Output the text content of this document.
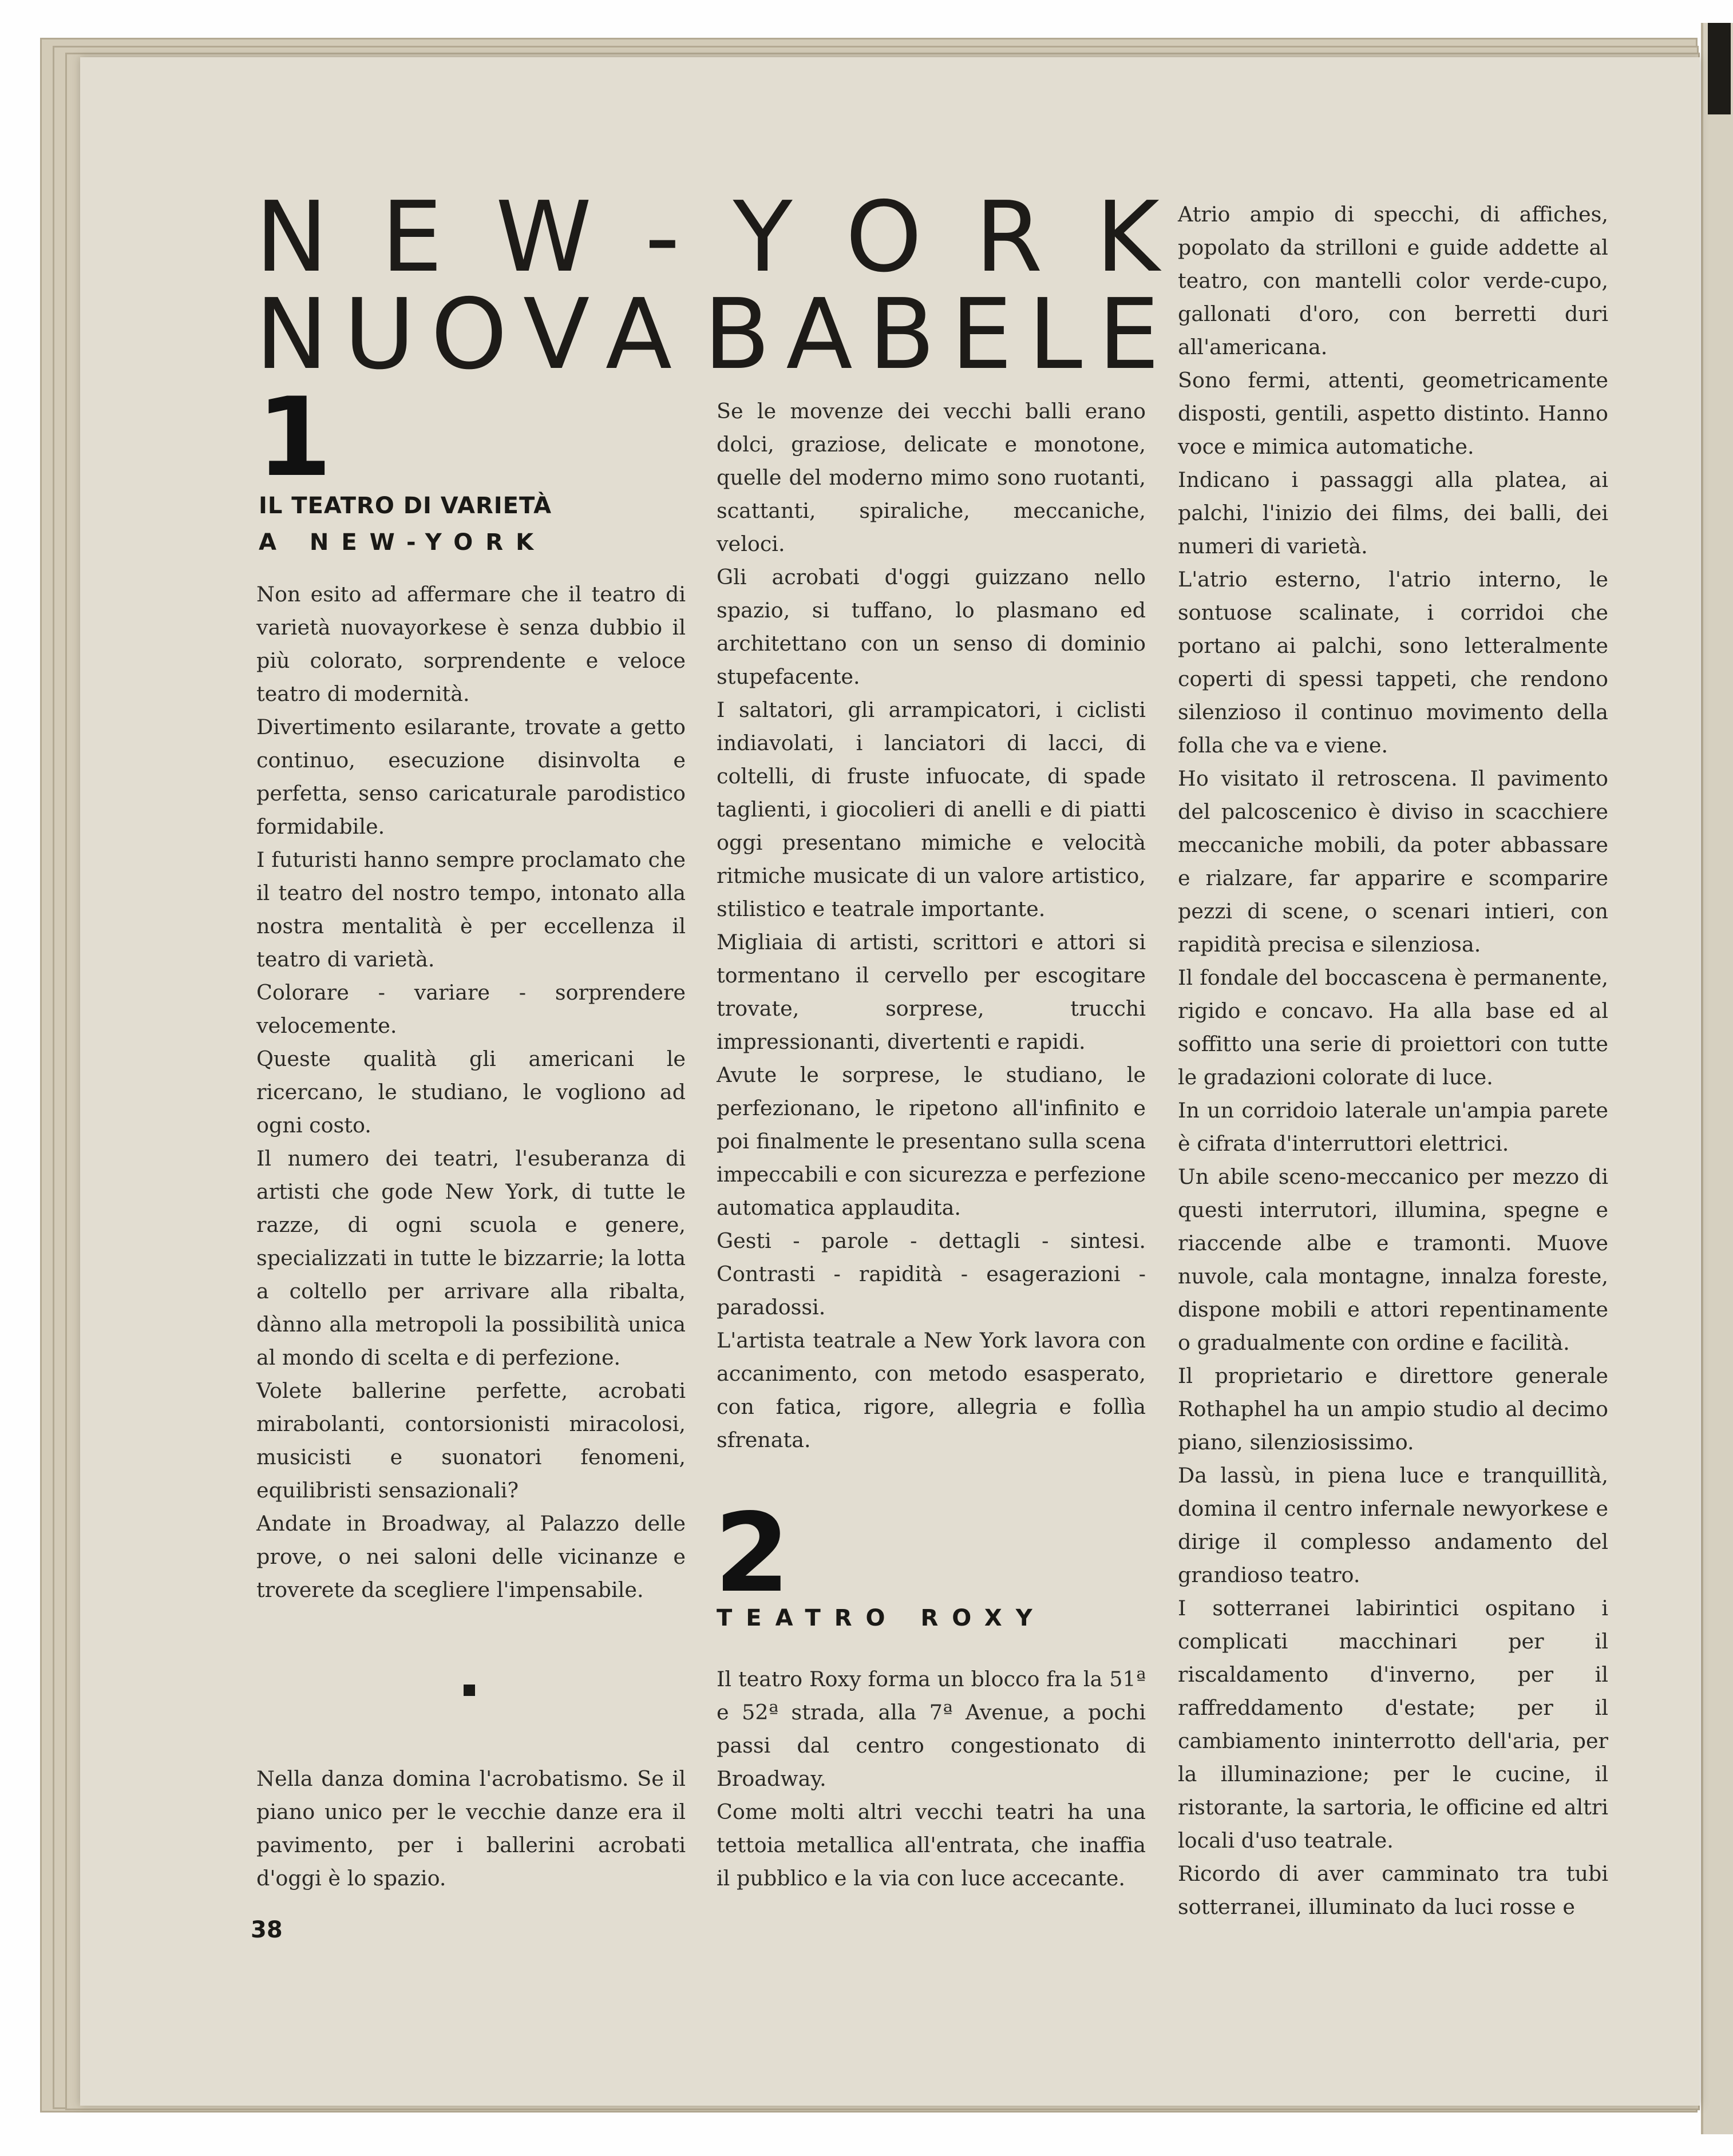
N E W - Y O R K
N U O V A B A B E L E
1
IL TEATRO DI VARIETÀ
A NEW-YORK

Non esito ad affermare che il teatro di varietà nuovayorkese è senza dubbio il più colorato, sorprendente e veloce teatro di modernità.

Divertimento esilarante, trovate a getto continuo, esecuzione disinvolta e perfetta, senso caricaturale parodistico formidabile.

I futuristi hanno sempre proclamato che il teatro del nostro tempo, intonato alla nostra mentalità è per eccellenza il teatro di varietà.

Colorare - variare - sorprendere velocemente.

Queste qualità gli americani le ricercano, le studiano, le vogliono ad ogni costo.

Il numero dei teatri, l'esuberanza di artisti che gode New York, di tutte le razze, di ogni scuola e genere, specializzati in tutte le bizzarrie; la lotta a coltello per arrivare alla ribalta, dànno alla metropoli la possibilità unica al mondo di scelta e di perfezione.

Volete ballerine perfette, acrobati mirabolanti, contorsionisti miracolosi, musicisti e suonatori fenomeni, equilibristi sensazionali?

Andate in Broadway, al Palazzo delle prove, o nei saloni delle vicinanze e troverete da scegliere l'impensabile.

Nella danza domina l'acrobatismo. Se il piano unico per le vecchie danze era il pavimento, per i ballerini acrobati d'oggi è lo spazio.

38

Se le movenze dei vecchi balli erano dolci, graziose, delicate e monotone, quelle del moderno mimo sono ruotanti, scattanti, spiraliche, meccaniche, veloci.

Gli acrobati d'oggi guizzano nello spazio, si tuffano, lo plasmano ed architettano con un senso di dominio stupefacente.

I saltatori, gli arrampicatori, i ciclisti indiavolati, i lanciatori di lacci, di coltelli, di fruste infuocate, di spade taglienti, i giocolieri di anelli e di piatti oggi presentano mimiche e velocità ritmiche musicate di un valore artistico, stilistico e teatrale importante.

Migliaia di artisti, scrittori e attori si tormentano il cervello per escogitare trovate, sorprese, trucchi impressionanti, divertenti e rapidi.

Avute le sorprese, le studiano, le perfezionano, le ripetono all'infinito e poi finalmente le presentano sulla scena impeccabili e con sicurezza e perfezione automatica applaudita.

Gesti - parole - dettagli - sintesi. Contrasti - rapidità - esagerazioni - paradossi.

L'artista teatrale a New York lavora con accanimento, con metodo esasperato, con fatica, rigore, allegria e follìa sfrenata.

2
TEATRO ROXY

Il teatro Roxy forma un blocco fra la 51ª e 52ª strada, alla 7ª Avenue, a pochi passi dal centro congestionato di Broadway.

Come molti altri vecchi teatri ha una tettoia metallica all'entrata, che inaffia il pubblico e la via con luce accecante.

Atrio ampio di specchi, di affiches, popolato da strilloni e guide addette al teatro, con mantelli color verde-cupo, gallonati d'oro, con berretti duri all'americana.

Sono fermi, attenti, geometricamente disposti, gentili, aspetto distinto. Hanno voce e mimica automatiche.

Indicano i passaggi alla platea, ai palchi, l'inizio dei films, dei balli, dei numeri di varietà.

L'atrio esterno, l'atrio interno, le sontuose scalinate, i corridoi che portano ai palchi, sono letteralmente coperti di spessi tappeti, che rendono silenzioso il continuo movimento della folla che va e viene.

Ho visitato il retroscena. Il pavimento del palcoscenico è diviso in scacchiere meccaniche mobili, da poter abbassare e rialzare, far apparire e scomparire pezzi di scene, o scenari intieri, con rapidità precisa e silenziosa.

Il fondale del boccascena è permanente, rigido e concavo. Ha alla base ed al soffitto una serie di proiettori con tutte le gradazioni colorate di luce.

In un corridoio laterale un'ampia parete è cifrata d'interruttori elettrici.

Un abile sceno-meccanico per mezzo di questi interrutori, illumina, spegne e riaccende albe e tramonti. Muove nuvole, cala montagne, innalza foreste, dispone mobili e attori repentinamente o gradualmente con ordine e facilità.

Il proprietario e direttore generale Rothaphel ha un ampio studio al decimo piano, silenziosissimo.

Da lassù, in piena luce e tranquillità, domina il centro infernale newyorkese e dirige il complesso andamento del grandioso teatro.

I sotterranei labirintici ospitano i complicati macchinari per il riscaldamento d'inverno, per il raffreddamento d'estate; per il cambiamento ininterrotto dell'aria, per la illuminazione; per le cucine, il ristorante, la sartoria, le officine ed altri locali d'uso teatrale.

Ricordo di aver camminato tra tubi sotterranei, illuminato da luci rosse e
